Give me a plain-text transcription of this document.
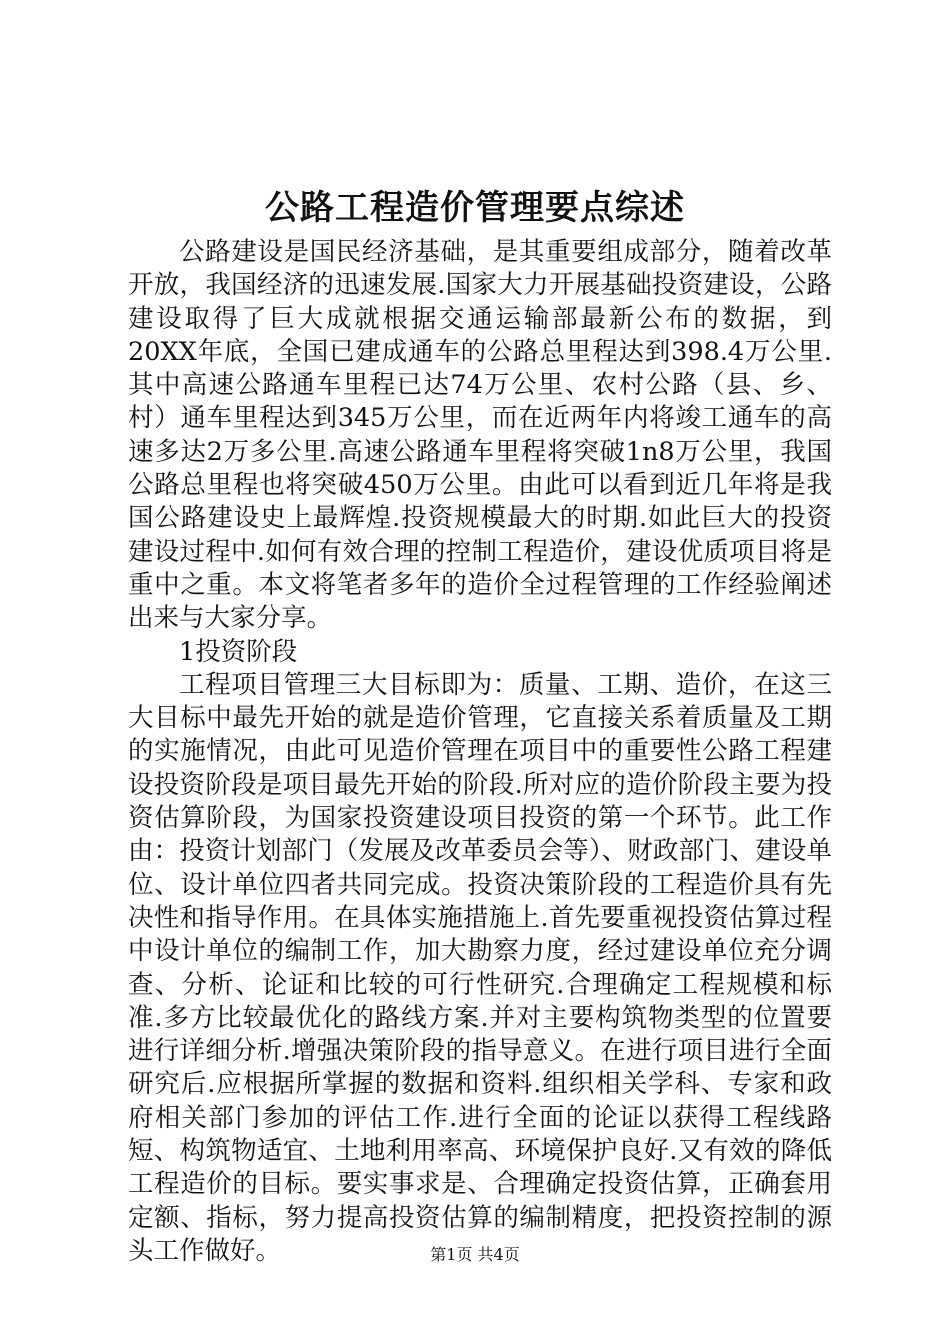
公路工程造价管理要点综述

公路建设是国民经济基础，是其重要组成部分，随着改革开放，我国经济的迅速发展.国家大力开展基础投资建设，公路建设取得了巨大成就根据交通运输部最新公布的数据，到20XX年底，全国已建成通车的公路总里程达到398.4万公里.其中高速公路通车里程已达74万公里、农村公路（县、乡、村）通车里程达到345万公里，而在近两年内将竣工通车的高速多达2万多公里.高速公路通车里程将突破1n8万公里，我国公路总里程也将突破450万公里。由此可以看到近几年将是我国公路建设史上最辉煌.投资规模最大的时期.如此巨大的投资建设过程中.如何有效合理的控制工程造价，建设优质项目将是重中之重。本文将笔者多年的造价全过程管理的工作经验阐述出来与大家分享。

1投资阶段

工程项目管理三大目标即为：质量、工期、造价，在这三大目标中最先开始的就是造价管理，它直接关系着质量及工期的实施情况，由此可见造价管理在项目中的重要性公路工程建设投资阶段是项目最先开始的阶段.所对应的造价阶段主要为投资估算阶段，为国家投资建设项目投资的第一个环节。此工作由：投资计划部门（发展及改革委员会等）、财政部门、建设单位、设计单位四者共同完成。投资决策阶段的工程造价具有先决性和指导作用。在具体实施措施上.首先要重视投资估算过程中设计单位的编制工作，加大勘察力度，经过建设单位充分调查、分析、论证和比较的可行性研究.合理确定工程规模和标准.多方比较最优化的路线方案.并对主要构筑物类型的位置要进行详细分析.增强决策阶段的指导意义。在进行项目进行全面研究后.应根据所掌握的数据和资料.组织相关学科、专家和政府相关部门参加的评估工作.进行全面的论证以获得工程线路短、构筑物适宜、土地利用率高、环境保护良好.又有效的降低工程造价的目标。要实事求是、合理确定投资估算，正确套用定额、指标，努力提高投资估算的编制精度，把投资控制的源头工作做好。	第1页 共4页
